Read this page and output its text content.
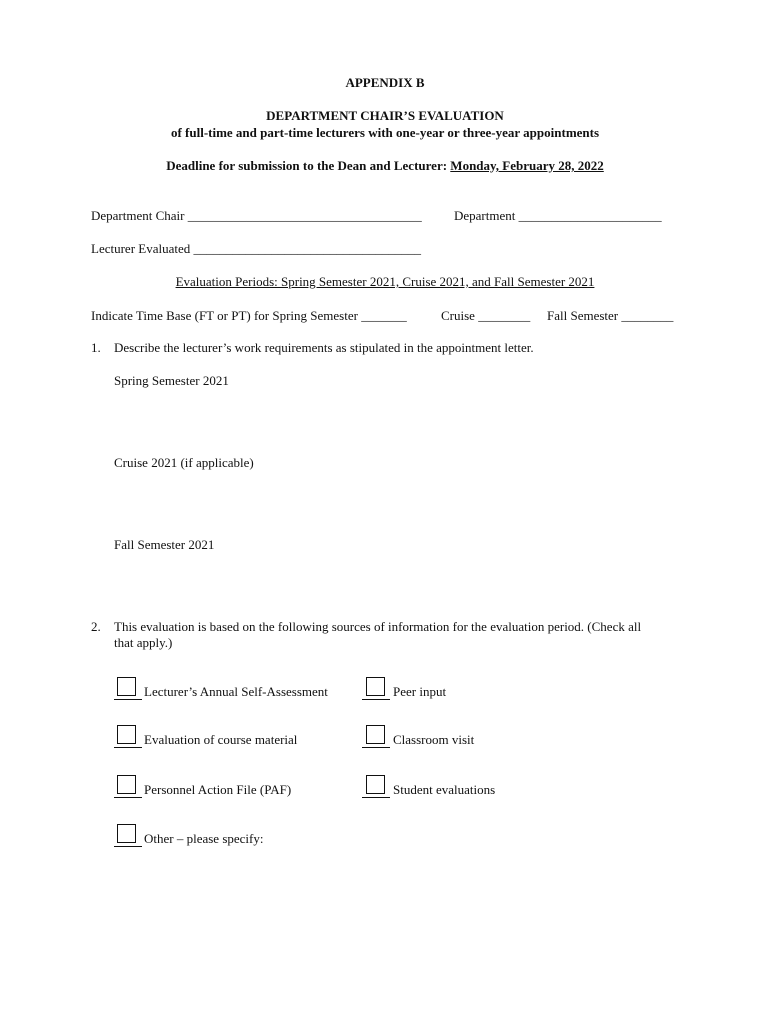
APPENDIX B
DEPARTMENT CHAIR’S EVALUATION
of full-time and part-time lecturers with one-year or three-year appointments
Deadline for submission to the Dean and Lecturer: Monday, February 28, 2022
Department Chair ____________________________________ Department ______________________
Lecturer Evaluated ___________________________________
Evaluation Periods: Spring Semester 2021, Cruise 2021, and Fall Semester 2021
Indicate Time Base (FT or PT) for Spring Semester _______	Cruise ________ Fall Semester ________
1. Describe the lecturer’s work requirements as stipulated in the appointment letter.
Spring Semester 2021
Cruise 2021 (if applicable)
Fall Semester 2021
2. This evaluation is based on the following sources of information for the evaluation period. (Check all
that apply.)
Lecturer’s Annual Self-Assessment	Peer input
Evaluation of course material	Classroom visit
Personnel Action File (PAF)	Student evaluations
Other – please specify:
